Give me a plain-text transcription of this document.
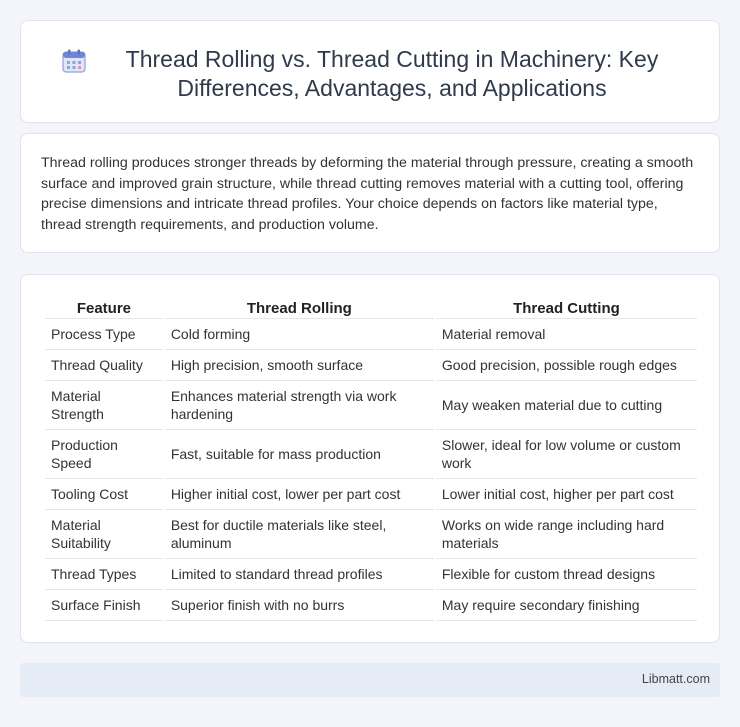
Thread Rolling vs. Thread Cutting in Machinery: Key Differences, Advantages, and Applications

Thread rolling produces stronger threads by deforming the material through pressure, creating a smooth surface and improved grain structure, while thread cutting removes material with a cutting tool, offering precise dimensions and intricate thread profiles. Your choice depends on factors like material type, thread strength requirements, and production volume.

Feature	Thread Rolling	Thread Cutting
Process Type	Cold forming	Material removal
Thread Quality	High precision, smooth surface	Good precision, possible rough edges
Material Strength	Enhances material strength via work hardening	May weaken material due to cutting
Production Speed	Fast, suitable for mass production	Slower, ideal for low volume or custom work
Tooling Cost	Higher initial cost, lower per part cost	Lower initial cost, higher per part cost
Material Suitability	Best for ductile materials like steel, aluminum	Works on wide range including hard materials
Thread Types	Limited to standard thread profiles	Flexible for custom thread designs
Surface Finish	Superior finish with no burrs	May require secondary finishing
Libmatt.com
